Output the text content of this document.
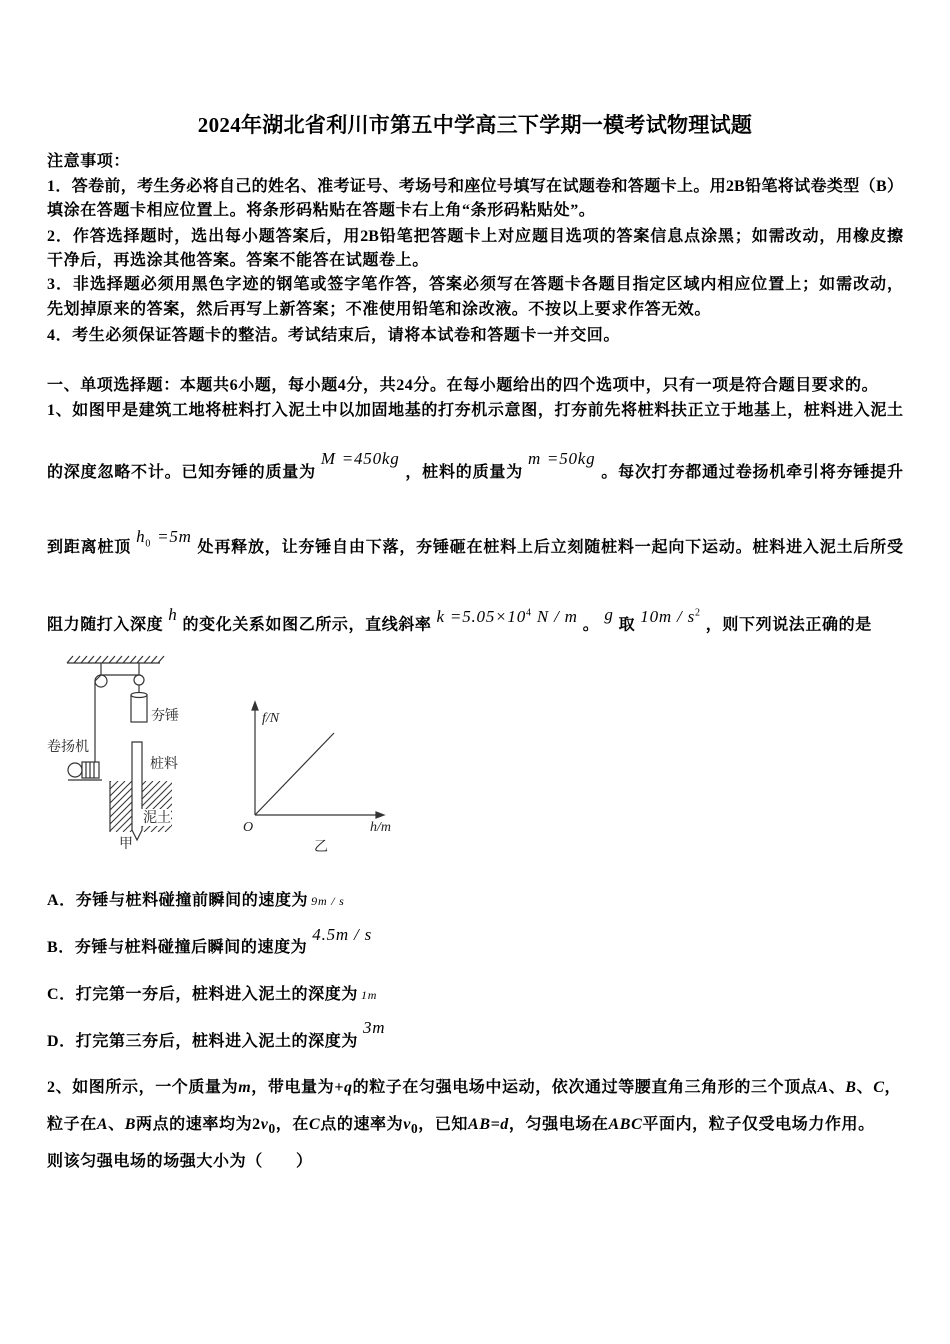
2024年湖北省利川市第五中学高三下学期一模考试物理试题
注意事项：
1．答卷前，考生务必将自己的姓名、准考证号、考场号和座位号填写在试题卷和答题卡上。用2B铅笔将试卷类型（B）
填涂在答题卡相应位置上。将条形码粘贴在答题卡右上角“条形码粘贴处”。
2．作答选择题时，选出每小题答案后，用2B铅笔把答题卡上对应题目选项的答案信息点涂黑；如需改动，用橡皮擦
干净后，再选涂其他答案。答案不能答在试题卷上。
3．非选择题必须用黑色字迹的钢笔或签字笔作答，答案必须写在答题卡各题目指定区域内相应位置上；如需改动，
先划掉原来的答案，然后再写上新答案；不准使用铅笔和涂改液。不按以上要求作答无效。
4．考生必须保证答题卡的整洁。考试结束后，请将本试卷和答题卡一并交回。
一、单项选择题：本题共6小题，每小题4分，共24分。在每小题给出的四个选项中，只有一项是符合题目要求的。
1、如图甲是建筑工地将桩料打入泥土中以加固地基的打夯机示意图，打夯前先将桩料扶正立于地基上，桩料进入泥土
的深度忽略不计。已知夯锤的质量为M =450kg，桩料的质量为m =50kg。每次打夯都通过卷扬机牵引将夯锤提升
到距离桩顶$h_0 =5m$处再释放，让夯锤自由下落，夯锤砸在桩料上后立刻随桩料一起向下运动。桩料进入泥土后所受
阻力随打入深度h的变化关系如图乙所示，直线斜率 $k =5.05\times 10^4$ N / m 。g取 $10m / s^2$，则下列说法正确的是
夯锤
桩料
卷扬机
泥土
甲
f/N
h/m
O
乙
A．夯锤与桩料碰撞前瞬间的速度为 9m / s
B．夯锤与桩料碰撞后瞬间的速度为4.5m / s
C．打完第一夯后，桩料进入泥土的深度为 1m
D．打完第三夯后，桩料进入泥土的深度为3m
2、如图所示，一个质量为m，带电量为+q的粒子在匀强电场中运动，依次通过等腰直角三角形的三个顶点A、B、C，
粒子在A、B两点的速率均为$2v_0$，在C点的速率为$v_0$，已知AB=d，匀强电场在ABC平面内，粒子仅受电场力作用。
则该匀强电场的场强大小为（　　）
